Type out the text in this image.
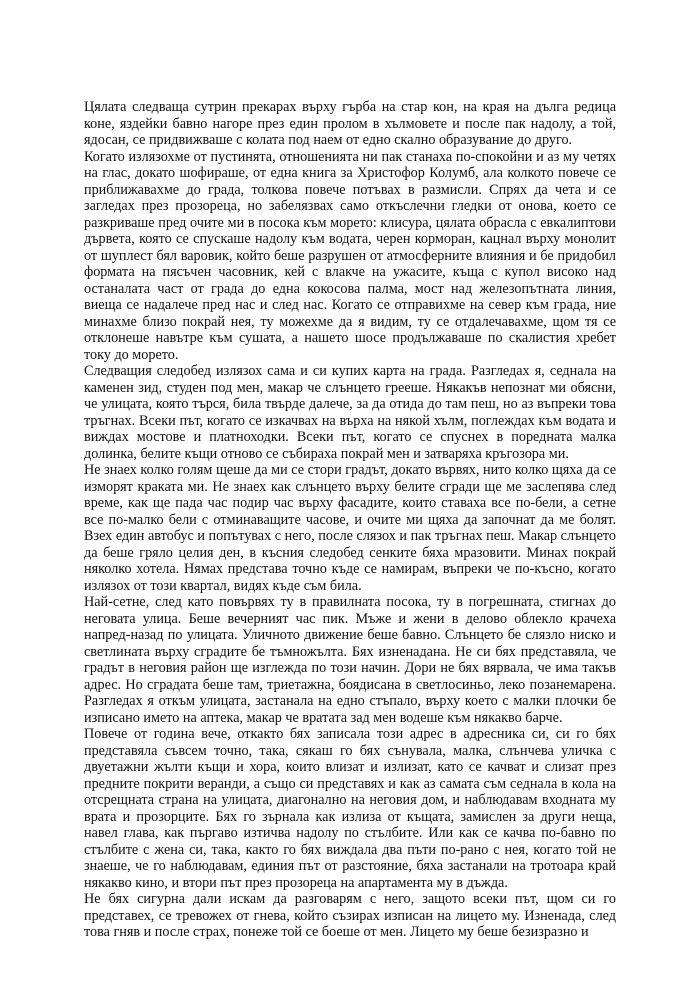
Цялата следваща сутрин прекарах върху гърба на стар кон, на края на дълга редица коне, яздейки бавно нагоре през един пролом в хълмовете и после пак надолу, а той, ядосан, се придвижваше с колата под наем от едно скално образувание до друго.

Когато излязохме от пустинята, отношенията ни пак станаха по-спокойни и аз му четях на глас, докато шофираше, от една книга за Христофор Колумб, ала колкото повече се приближавахме до града, толкова повече потъвах в размисли. Спрях да чета и се загледах през прозореца, но забелязвах само откъслечни гледки от онова, което се разкриваше пред очите ми в посока към морето: клисура, цялата обрасла с евкалиптови дървета, която се спускаше надолу към водата, черен корморан, кацнал върху монолит от шуплест бял варовик, който беше разрушен от атмосферните влияния и бе придобил формата на пясъчен часовник, кей с влакче на ужасите, къща с купол високо над останалата част от града до една кокосова палма, мост над железопътната линия, виеща се надалече пред нас и след нас. Когато се отправихме на север към града, ние минахме близо покрай нея, ту можехме да я видим, ту се отдалечавахме, щом тя се отклонеше навътре към сушата, а нашето шосе продължаваше по скалистия хребет току до морето.

Следващия следобед излязох сама и си купих карта на града. Разгледах я, седнала на каменен зид, студен под мен, макар че слънцето грееше. Някакъв непознат ми обясни, че улицата, която търся, била твърде далече, за да отида до там пеш, но аз въпреки това тръгнах. Всеки път, когато се изкачвах на върха на някой хълм, поглеждах към водата и виждах мостове и платноходки. Всеки път, когато се спуснех в поредната малка долинка, белите къщи отново се събираха покрай мен и затваряха кръгозора ми.

Не знаех колко голям щеше да ми се стори градът, докато вървях, нито колко щяха да се изморят краката ми. Не знаех как слънцето върху белите сгради ще ме заслепява след време, как ще пада час подир час върху фасадите, които ставаха все по-бели, а сетне все по-малко бели с отминаващите часове, и очите ми щяха да започнат да ме болят. Взех един автобус и попътувах с него, после слязох и пак тръгнах пеш. Макар слънцето да беше гряло целия ден, в късния следобед сенките бяха мразовити. Минах покрай няколко хотела. Нямах представа точно къде се намирам, въпреки че по-късно, когато излязох от този квартал, видях къде съм била.

Най-сетне, след като повървях ту в правилната посока, ту в погрешната, стигнах до неговата улица. Беше вечерният час пик. Мъже и жени в делово облекло крачеха напред-назад по улицата. Уличното движение беше бавно. Слънцето бе слязло ниско и светлината върху сградите бе тъмножълта. Бях изненадана. Не си бях представяла, че градът в неговия район ще изглежда по този начин. Дори не бях вярвала, че има такъв адрес. Но сградата беше там, триетажна, боядисана в светлосиньо, леко позанемарена. Разгледах я откъм улицата, застанала на едно стъпало, върху което с малки плочки бе изписано името на аптека, макар че вратата зад мен водеше към някакво барче.

Повече от година вече, откакто бях записала този адрес в адресника си, си го бях представяла съвсем точно, така, сякаш го бях сънувала, малка, слънчева уличка с двуетажни жълти къщи и хора, които влизат и излизат, като се качват и слизат през предните покрити веранди, а също си представях и как аз самата съм седнала в кола на отсрещната страна на улицата, диагонално на неговия дом, и наблюдавам входната му врата и прозорците. Бях го зърнала как излиза от къщата, замислен за други неща, навел глава, как пъргаво изтичва надолу по стълбите. Или как се качва по-бавно по стълбите с жена си, така, както го бях виждала два пъти по-рано с нея, когато той не знаеше, че го наблюдавам, единия път от разстояние, бяха застанали на тротоара край някакво кино, и втори път през прозореца на апартамента му в дъжда.

Не бях сигурна дали искам да разговарям с него, защото всеки път, щом си го представех, се тревожех от гнева, който съзирах изписан на лицето му. Изненада, след това гняв и после страх, понеже той се боеше от мен. Лицето му беше безизразно и
